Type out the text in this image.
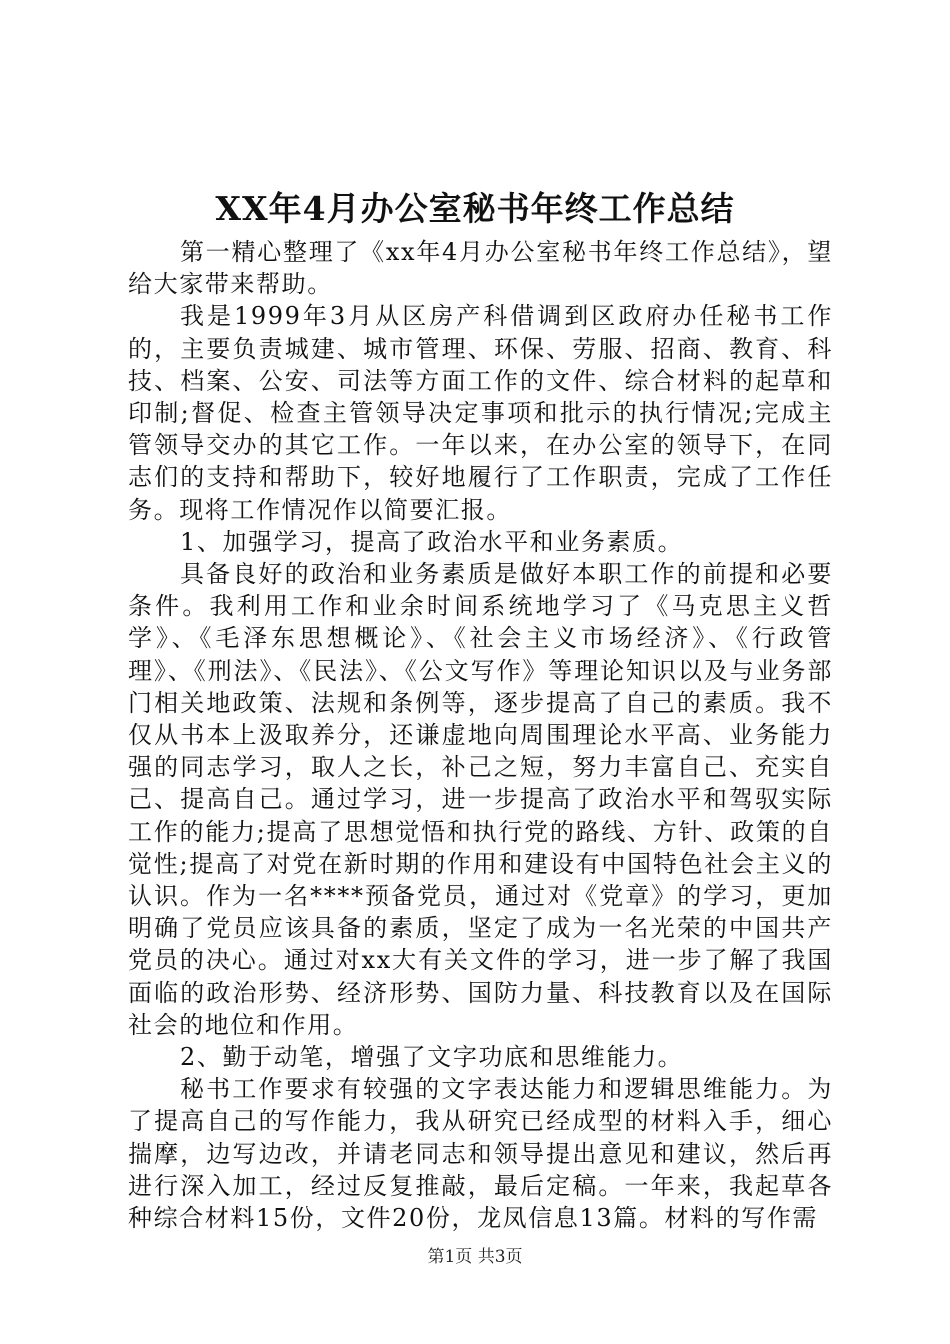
XX年4月办公室秘书年终工作总结

第一精心整理了《xx年4月办公室秘书年终工作总结》，望给大家带来帮助。

我是1999年3月从区房产科借调到区政府办任秘书工作的，主要负责城建、城市管理、环保、劳服、招商、教育、科技、档案、公安、司法等方面工作的文件、综合材料的起草和印制;督促、检查主管领导决定事项和批示的执行情况;完成主管领导交办的其它工作。一年以来，在办公室的领导下，在同志们的支持和帮助下，较好地履行了工作职责，完成了工作任务。现将工作情况作以简要汇报。

1、加强学习，提高了政治水平和业务素质。

具备良好的政治和业务素质是做好本职工作的前提和必要条件。我利用工作和业余时间系统地学习了《马克思主义哲学》、《毛泽东思想概论》、《社会主义市场经济》、《行政管理》、《刑法》、《民法》、《公文写作》等理论知识以及与业务部门相关地政策、法规和条例等，逐步提高了自己的素质。我不仅从书本上汲取养分，还谦虚地向周围理论水平高、业务能力强的同志学习，取人之长，补己之短，努力丰富自己、充实自己、提高自己。通过学习，进一步提高了政治水平和驾驭实际工作的能力;提高了思想觉悟和执行党的路线、方针、政策的自觉性;提高了对党在新时期的作用和建设有中国特色社会主义的认识。作为一名****预备党员，通过对《党章》的学习，更加明确了党员应该具备的素质，坚定了成为一名光荣的中国共产党员的决心。通过对xx大有关文件的学习，进一步了解了我国面临的政治形势、经济形势、国防力量、科技教育以及在国际社会的地位和作用。

2、勤于动笔，增强了文字功底和思维能力。

秘书工作要求有较强的文字表达能力和逻辑思维能力。为了提高自己的写作能力，我从研究已经成型的材料入手，细心揣摩，边写边改，并请老同志和领导提出意见和建议，然后再进行深入加工，经过反复推敲，最后定稿。一年来，我起草各种综合材料15份，文件20份，龙凤信息13篇。材料的写作需

第1页 共3页
